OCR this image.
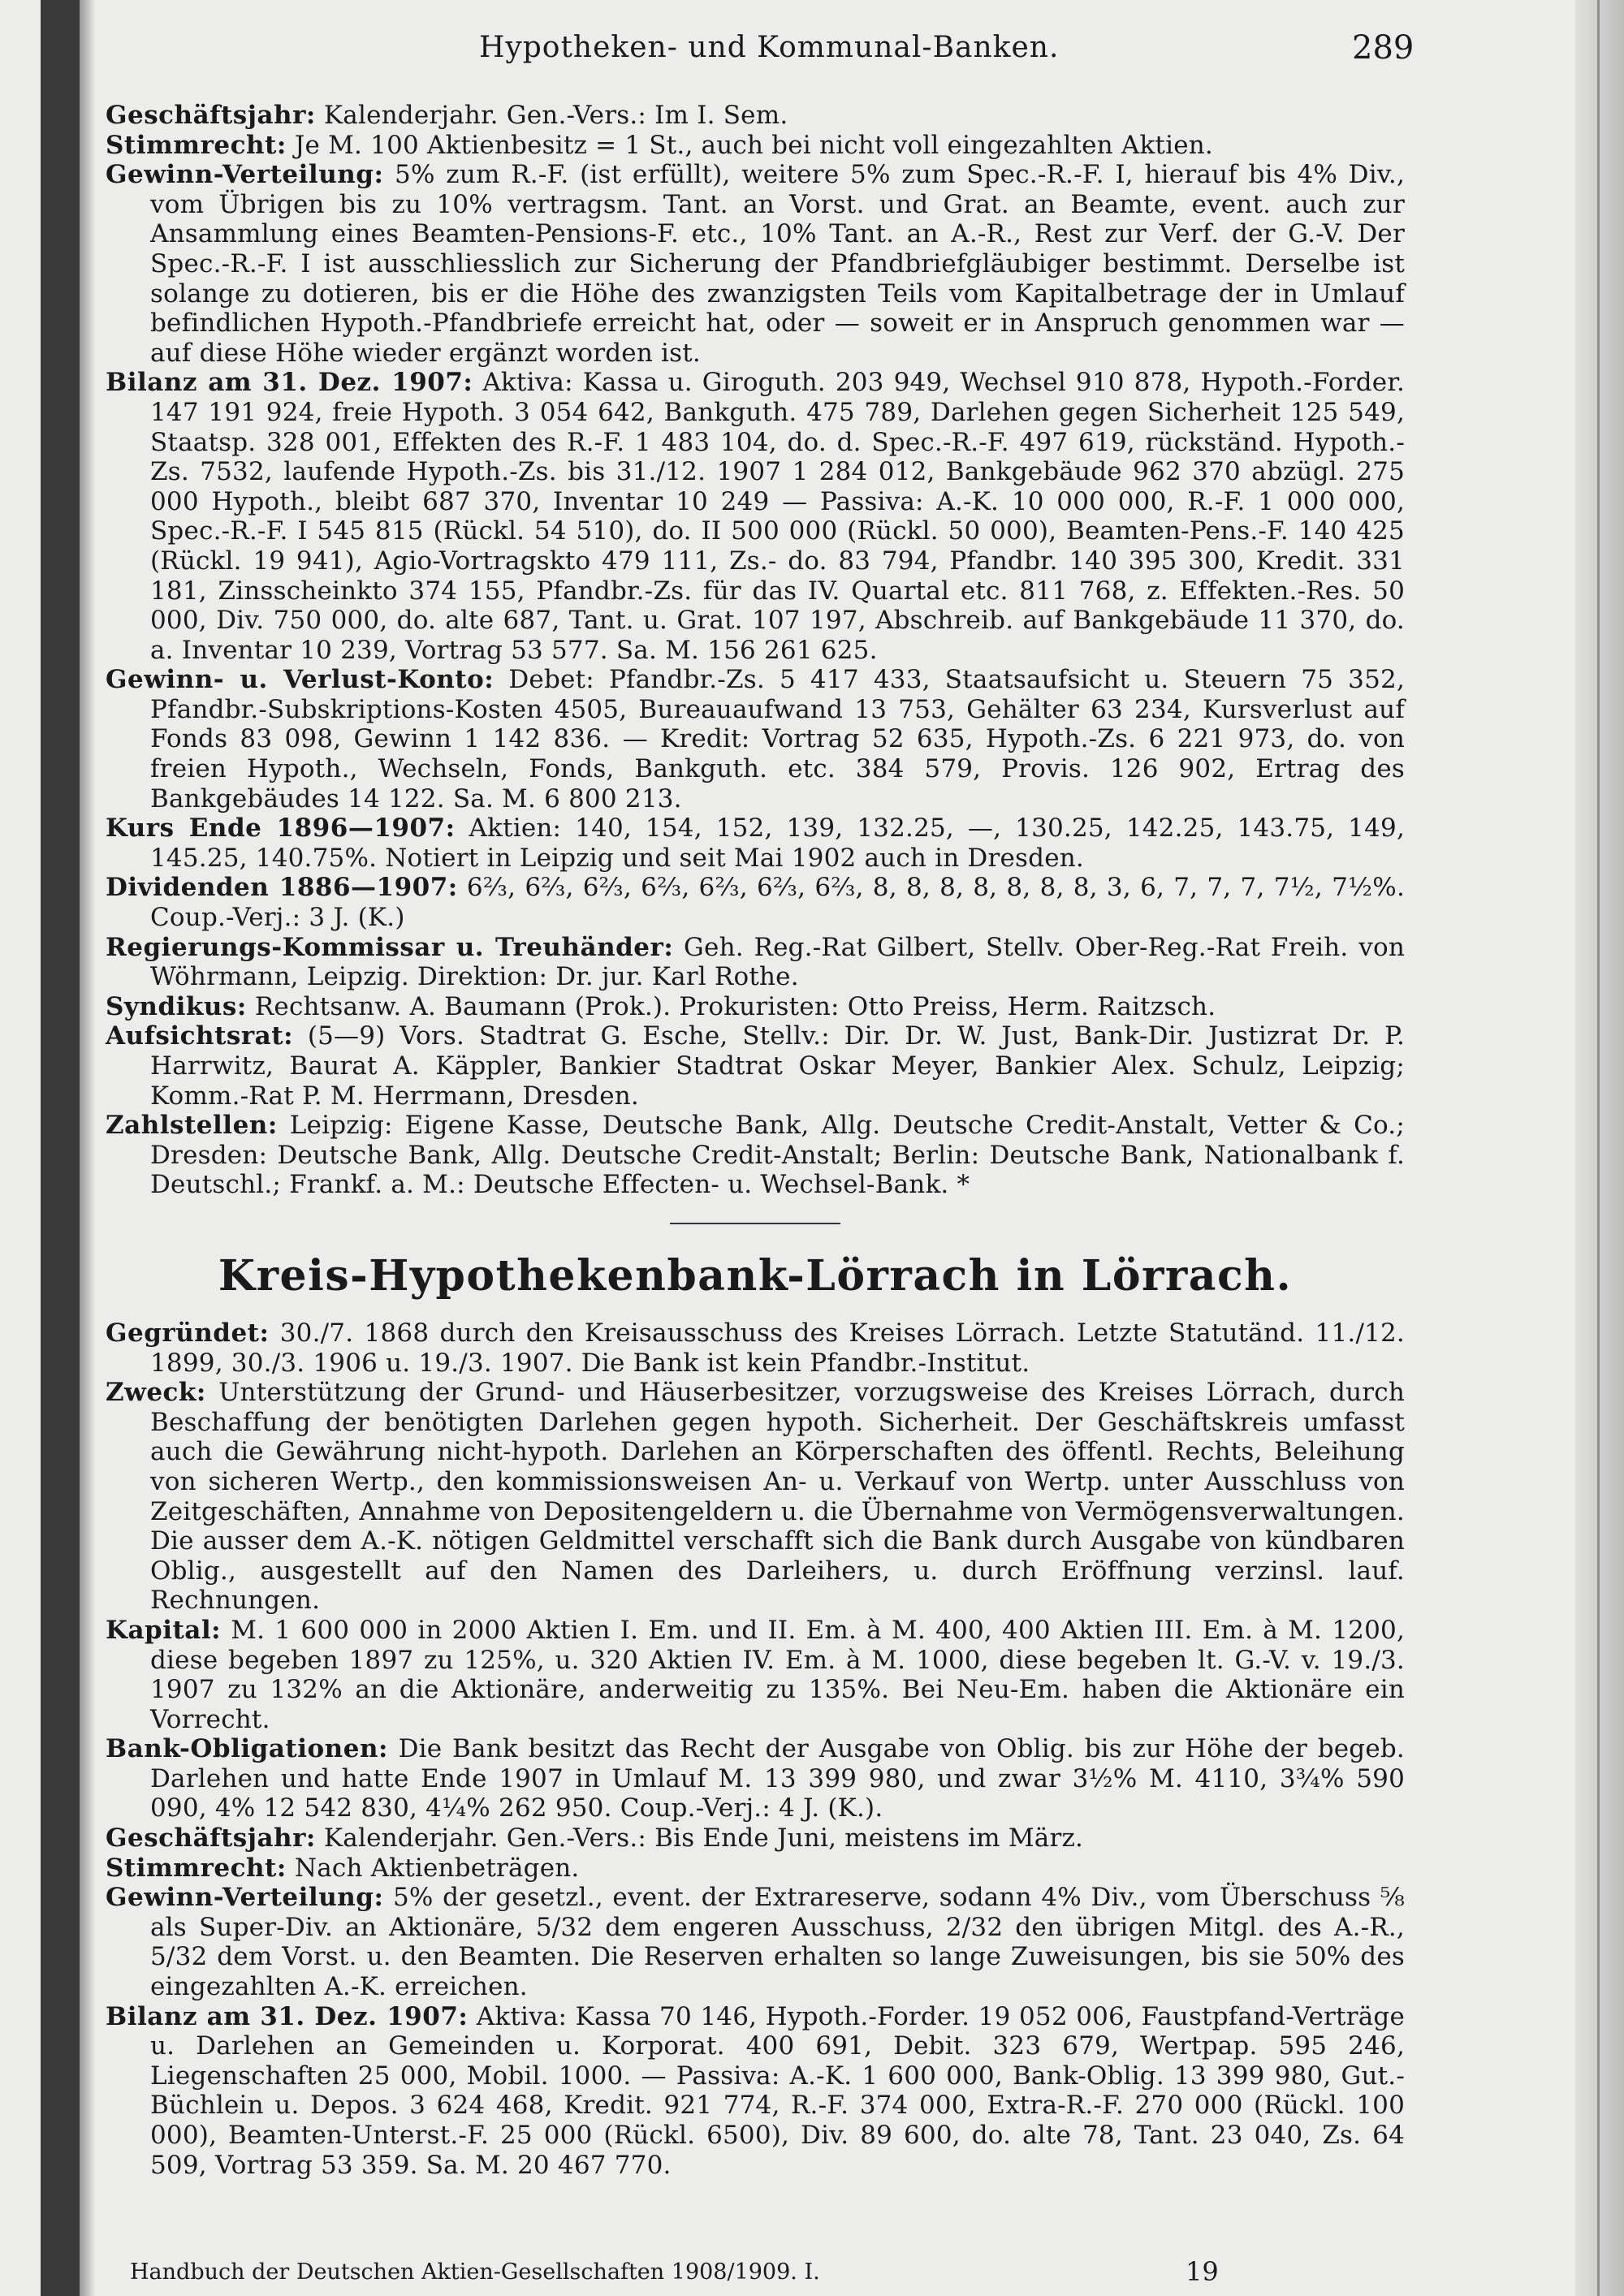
Hypotheken- und Kommunal-Banken.	289

Geschäftsjahr: Kalenderjahr. Gen.-Vers.: Im I. Sem.

Stimmrecht: Je M. 100 Aktienbesitz = 1 St., auch bei nicht voll eingezahlten Aktien.

Gewinn-Verteilung: 5% zum R.-F. (ist erfüllt), weitere 5% zum Spec.-R.-F. I, hierauf bis 4% Div., vom Übrigen bis zu 10% vertragsm. Tant. an Vorst. und Grat. an Beamte, event. auch zur Ansammlung eines Beamten-Pensions-F. etc., 10% Tant. an A.-R., Rest zur Verf. der G.-V. Der Spec.-R.-F. I ist ausschliesslich zur Sicherung der Pfandbriefgläubiger bestimmt. Derselbe ist solange zu dotieren, bis er die Höhe des zwanzigsten Teils vom Kapitalbetrage der in Umlauf befindlichen Hypoth.-Pfandbriefe erreicht hat, oder — soweit er in Anspruch genommen war — auf diese Höhe wieder ergänzt worden ist.

Bilanz am 31. Dez. 1907: Aktiva: Kassa u. Giroguth. 203 949, Wechsel 910 878, Hypoth.-Forder. 147 191 924, freie Hypoth. 3 054 642, Bankguth. 475 789, Darlehen gegen Sicherheit 125 549, Staatsp. 328 001, Effekten des R.-F. 1 483 104, do. d. Spec.-R.-F. 497 619, rückständ. Hypoth.-Zs. 7532, laufende Hypoth.-Zs. bis 31./12. 1907 1 284 012, Bankgebäude 962 370 abzügl. 275 000 Hypoth., bleibt 687 370, Inventar 10 249 — Passiva: A.-K. 10 000 000, R.-F. 1 000 000, Spec.-R.-F. I 545 815 (Rückl. 54 510), do. II 500 000 (Rückl. 50 000), Beamten-Pens.-F. 140 425 (Rückl. 19 941), Agio-Vortragskto 479 111, Zs.- do. 83 794, Pfandbr. 140 395 300, Kredit. 331 181, Zinsscheinkto 374 155, Pfandbr.-Zs. für das IV. Quartal etc. 811 768, z. Effekten.-Res. 50 000, Div. 750 000, do. alte 687, Tant. u. Grat. 107 197, Abschreib. auf Bankgebäude 11 370, do. a. Inventar 10 239, Vortrag 53 577. Sa. M. 156 261 625.

Gewinn- u. Verlust-Konto: Debet: Pfandbr.-Zs. 5 417 433, Staatsaufsicht u. Steuern 75 352, Pfandbr.-Subskriptions-Kosten 4505, Bureauaufwand 13 753, Gehälter 63 234, Kursverlust auf Fonds 83 098, Gewinn 1 142 836. — Kredit: Vortrag 52 635, Hypoth.-Zs. 6 221 973, do. von freien Hypoth., Wechseln, Fonds, Bankguth. etc. 384 579, Provis. 126 902, Ertrag des Bankgebäudes 14 122. Sa. M. 6 800 213.

Kurs Ende 1896—1907: Aktien: 140, 154, 152, 139, 132.25, —, 130.25, 142.25, 143.75, 149, 145.25, 140.75%. Notiert in Leipzig und seit Mai 1902 auch in Dresden.

Dividenden 1886—1907: 6⅔, 6⅔, 6⅔, 6⅔, 6⅔, 6⅔, 6⅔, 8, 8, 8, 8, 8, 8, 8, 3, 6, 7, 7, 7, 7½, 7½%. Coup.-Verj.: 3 J. (K.)

Regierungs-Kommissar u. Treuhänder: Geh. Reg.-Rat Gilbert, Stellv. Ober-Reg.-Rat Freih. von Wöhrmann, Leipzig. Direktion: Dr. jur. Karl Rothe.

Syndikus: Rechtsanw. A. Baumann (Prok.). Prokuristen: Otto Preiss, Herm. Raitzsch.

Aufsichtsrat: (5—9) Vors. Stadtrat G. Esche, Stellv.: Dir. Dr. W. Just, Bank-Dir. Justizrat Dr. P. Harrwitz, Baurat A. Käppler, Bankier Stadtrat Oskar Meyer, Bankier Alex. Schulz, Leipzig; Komm.-Rat P. M. Herrmann, Dresden.

Zahlstellen: Leipzig: Eigene Kasse, Deutsche Bank, Allg. Deutsche Credit-Anstalt, Vetter & Co.; Dresden: Deutsche Bank, Allg. Deutsche Credit-Anstalt; Berlin: Deutsche Bank, Nationalbank f. Deutschl.; Frankf. a. M.: Deutsche Effecten- u. Wechsel-Bank. *

Kreis-Hypothekenbank-Lörrach in Lörrach.

Gegründet: 30./7. 1868 durch den Kreisausschuss des Kreises Lörrach. Letzte Statutänd. 11./12. 1899, 30./3. 1906 u. 19./3. 1907. Die Bank ist kein Pfandbr.-Institut.

Zweck: Unterstützung der Grund- und Häuserbesitzer, vorzugsweise des Kreises Lörrach, durch Beschaffung der benötigten Darlehen gegen hypoth. Sicherheit. Der Geschäftskreis umfasst auch die Gewährung nicht-hypoth. Darlehen an Körperschaften des öffentl. Rechts, Beleihung von sicheren Wertp., den kommissionsweisen An- u. Verkauf von Wertp. unter Ausschluss von Zeitgeschäften, Annahme von Depositengeldern u. die Übernahme von Vermögensverwaltungen. Die ausser dem A.-K. nötigen Geldmittel verschafft sich die Bank durch Ausgabe von kündbaren Oblig., ausgestellt auf den Namen des Darleihers, u. durch Eröffnung verzinsl. lauf. Rechnungen.

Kapital: M. 1 600 000 in 2000 Aktien I. Em. und II. Em. à M. 400, 400 Aktien III. Em. à M. 1200, diese begeben 1897 zu 125%, u. 320 Aktien IV. Em. à M. 1000, diese begeben lt. G.-V. v. 19./3. 1907 zu 132% an die Aktionäre, anderweitig zu 135%. Bei Neu-Em. haben die Aktionäre ein Vorrecht.

Bank-Obligationen: Die Bank besitzt das Recht der Ausgabe von Oblig. bis zur Höhe der begeb. Darlehen und hatte Ende 1907 in Umlauf M. 13 399 980, und zwar 3½% M. 4110, 3¾% 590 090, 4% 12 542 830, 4¼% 262 950. Coup.-Verj.: 4 J. (K.).

Geschäftsjahr: Kalenderjahr. Gen.-Vers.: Bis Ende Juni, meistens im März.

Stimmrecht: Nach Aktienbeträgen.

Gewinn-Verteilung: 5% der gesetzl., event. der Extrareserve, sodann 4% Div., vom Überschuss ⅝ als Super-Div. an Aktionäre, 5/32 dem engeren Ausschuss, 2/32 den übrigen Mitgl. des A.-R., 5/32 dem Vorst. u. den Beamten. Die Reserven erhalten so lange Zuweisungen, bis sie 50% des eingezahlten A.-K. erreichen.

Bilanz am 31. Dez. 1907: Aktiva: Kassa 70 146, Hypoth.-Forder. 19 052 006, Faustpfand-Verträge u. Darlehen an Gemeinden u. Korporat. 400 691, Debit. 323 679, Wertpap. 595 246, Liegenschaften 25 000, Mobil. 1000. — Passiva: A.-K. 1 600 000, Bank-Oblig. 13 399 980, Gut.-Büchlein u. Depos. 3 624 468, Kredit. 921 774, R.-F. 374 000, Extra-R.-F. 270 000 (Rückl. 100 000), Beamten-Unterst.-F. 25 000 (Rückl. 6500), Div. 89 600, do. alte 78, Tant. 23 040, Zs. 64 509, Vortrag 53 359. Sa. M. 20 467 770.

Handbuch der Deutschen Aktien-Gesellschaften 1908/1909. I.	19
